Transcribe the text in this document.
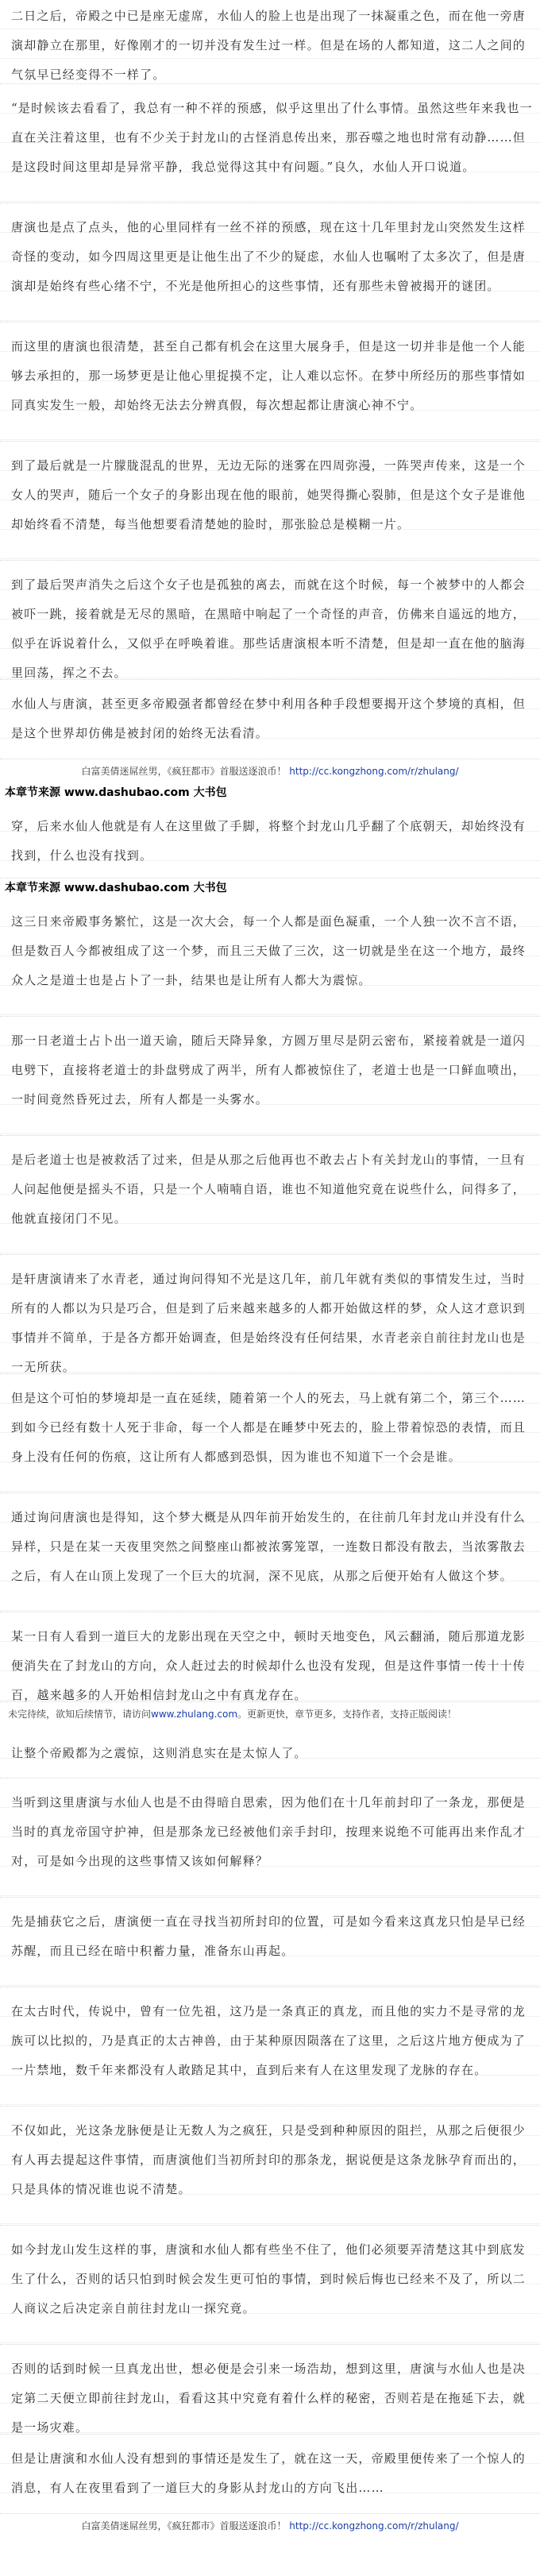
二日之后，帝殿之中已是座无虚席，水仙人的脸上也是出现了一抹凝重之色，而在他一旁唐演却静立在那里，好像刚才的一切并没有发生过一样。但是在场的人都知道，这二人之间的气氛早已经变得不一样了。

“是时候该去看看了，我总有一种不祥的预感，似乎这里出了什么事情。虽然这些年来我也一直在关注着这里，也有不少关于封龙山的古怪消息传出来，那吞噬之地也时常有动静……但是这段时间这里却是异常平静，我总觉得这其中有问题。”良久，水仙人开口说道。

唐演也是点了点头，他的心里同样有一丝不祥的预感，现在这十几年里封龙山突然发生这样奇怪的变动，如今四周这里更是让他生出了不少的疑虑，水仙人也嘱咐了太多次了，但是唐演却是始终有些心绪不宁，不光是他所担心的这些事情，还有那些未曾被揭开的谜团。

而这里的唐演也很清楚，甚至自己都有机会在这里大展身手，但是这一切并非是他一个人能够去承担的，那一场梦更是让他心里捉摸不定，让人难以忘怀。在梦中所经历的那些事情如同真实发生一般，却始终无法去分辨真假，每次想起都让唐演心神不宁。

到了最后就是一片朦胧混乱的世界，无边无际的迷雾在四周弥漫，一阵哭声传来，这是一个女人的哭声，随后一个女子的身影出现在他的眼前，她哭得撕心裂肺，但是这个女子是谁他却始终看不清楚，每当他想要看清楚她的脸时，那张脸总是模糊一片。

到了最后哭声消失之后这个女子也是孤独的离去，而就在这个时候，每一个被梦中的人都会被吓一跳，接着就是无尽的黑暗，在黑暗中响起了一个奇怪的声音，仿佛来自遥远的地方，似乎在诉说着什么，又似乎在呼唤着谁。那些话唐演根本听不清楚，但是却一直在他的脑海里回荡，挥之不去。

水仙人与唐演，甚至更多帝殿强者都曾经在梦中利用各种手段想要揭开这个梦境的真相，但是这个世界却仿佛是被封闭的始终无法看清。

白富美倩迷屌丝男，《疯狂都市》首服送逐浪币！ http://cc.kongzhong.com/r/zhulang/
本章节来源 www.dashubao.com 大书包

穿，后来水仙人他就是有人在这里做了手脚，将整个封龙山几乎翻了个底朝天，却始终没有找到，什么也没有找到。

本章节来源 www.dashubao.com 大书包

这三日来帝殿事务繁忙，这是一次大会，每一个人都是面色凝重，一个人独一次不言不语，但是数百人今都被组成了这一个梦，而且三天做了三次，这一切就是坐在这一个地方，最终众人之是道士也是占卜了一卦，结果也是让所有人都大为震惊。

那一日老道士占卜出一道天谕，随后天降异象，方圆万里尽是阴云密布，紧接着就是一道闪电劈下，直接将老道士的卦盘劈成了两半，所有人都被惊住了，老道士也是一口鲜血喷出，一时间竟然昏死过去，所有人都是一头雾水。

是后老道士也是被救活了过来，但是从那之后他再也不敢去占卜有关封龙山的事情，一旦有人问起他便是摇头不语，只是一个人喃喃自语，谁也不知道他究竟在说些什么，问得多了，他就直接闭门不见。

是轩唐演请来了水青老，通过询问得知不光是这几年，前几年就有类似的事情发生过，当时所有的人都以为只是巧合，但是到了后来越来越多的人都开始做这样的梦，众人这才意识到事情并不简单，于是各方都开始调查，但是始终没有任何结果，水青老亲自前往封龙山也是一无所获。

但是这个可怕的梦境却是一直在延续，随着第一个人的死去，马上就有第二个，第三个……到如今已经有数十人死于非命，每一个人都是在睡梦中死去的，脸上带着惊恐的表情，而且身上没有任何的伤痕，这让所有人都感到恐惧，因为谁也不知道下一个会是谁。

通过询问唐演也是得知，这个梦大概是从四年前开始发生的，在往前几年封龙山并没有什么异样，只是在某一天夜里突然之间整座山都被浓雾笼罩，一连数日都没有散去，当浓雾散去之后，有人在山顶上发现了一个巨大的坑洞，深不见底，从那之后便开始有人做这个梦。

某一日有人看到一道巨大的龙影出现在天空之中，顿时天地变色，风云翻涌，随后那道龙影便消失在了封龙山的方向，众人赶过去的时候却什么也没有发现，但是这件事情一传十十传百，越来越多的人开始相信封龙山之中有真龙存在。

未完待续，欲知后续情节，请访问www.zhulang.com。更新更快，章节更多，支持作者，支持正版阅读！

让整个帝殿都为之震惊，这则消息实在是太惊人了。

当听到这里唐演与水仙人也是不由得暗自思索，因为他们在十几年前封印了一条龙，那便是当时的真龙帝国守护神，但是那条龙已经被他们亲手封印，按理来说绝不可能再出来作乱才对，可是如今出现的这些事情又该如何解释？

先是捕获它之后，唐演便一直在寻找当初所封印的位置，可是如今看来这真龙只怕是早已经苏醒，而且已经在暗中积蓄力量，准备东山再起。

在太古时代，传说中，曾有一位先祖，这乃是一条真正的真龙，而且他的实力不是寻常的龙族可以比拟的，乃是真正的太古神兽，由于某种原因陨落在了这里，之后这片地方便成为了一片禁地，数千年来都没有人敢踏足其中，直到后来有人在这里发现了龙脉的存在。

不仅如此，光这条龙脉便是让无数人为之疯狂，只是受到种种原因的阻拦，从那之后便很少有人再去提起这件事情，而唐演他们当初所封印的那条龙，据说便是这条龙脉孕育而出的，只是具体的情况谁也说不清楚。

如今封龙山发生这样的事，唐演和水仙人都有些坐不住了，他们必须要弄清楚这其中到底发生了什么，否则的话只怕到时候会发生更可怕的事情，到时候后悔也已经来不及了，所以二人商议之后决定亲自前往封龙山一探究竟。

否则的话到时候一旦真龙出世，想必便是会引来一场浩劫，想到这里，唐演与水仙人也是决定第二天便立即前往封龙山，看看这其中究竟有着什么样的秘密，否则若是在拖延下去，就是一场灾难。

但是让唐演和水仙人没有想到的事情还是发生了，就在这一天，帝殿里便传来了一个惊人的消息，有人在夜里看到了一道巨大的身影从封龙山的方向飞出……

白富美倩迷屌丝男，《疯狂都市》首服送逐浪币！ http://cc.kongzhong.com/r/zhulang/
